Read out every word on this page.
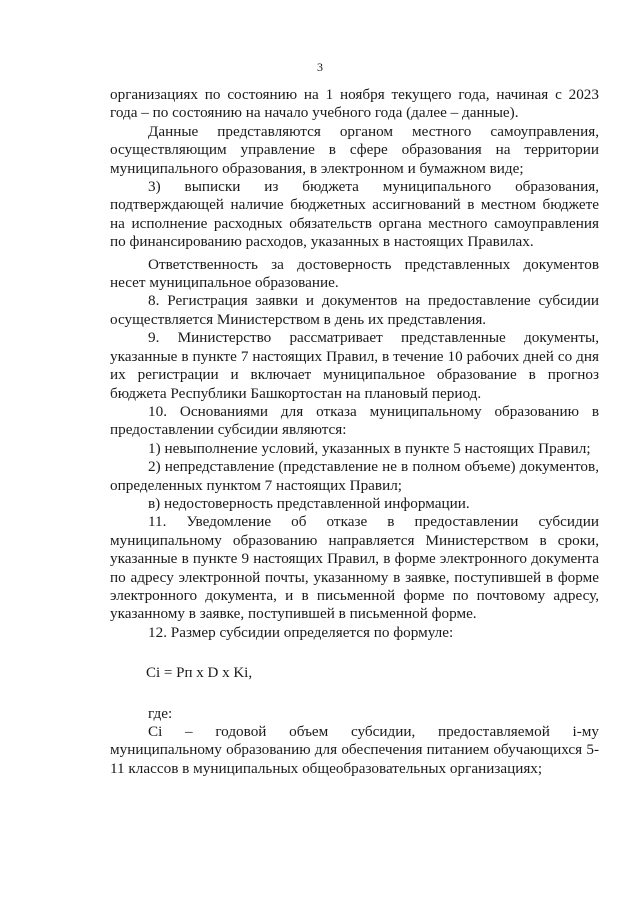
3

организациях по состоянию на 1 ноября текущего года, начиная с 2023 года – по состоянию на начало учебного года (далее – данные).

Данные представляются органом местного самоуправления, осуществляющим управление в сфере образования на территории муниципального образования, в электронном и бумажном виде;

3) выписки из бюджета муниципального образования, подтверждающей наличие бюджетных ассигнований в местном бюджете на исполнение расходных обязательств органа местного самоуправления по финансированию расходов, указанных в настоящих Правилах.

Ответственность за достоверность представленных документов несет муниципальное образование.

8. Регистрация заявки и документов на предоставление субсидии осуществляется Министерством в день их представления.

9. Министерство рассматривает представленные документы, указанные в пункте 7 настоящих Правил, в течение 10 рабочих дней со дня их регистрации и включает муниципальное образование в прогноз бюджета Республики Башкортостан на плановый период.

10. Основаниями для отказа муниципальному образованию в предоставлении субсидии являются:

1) невыполнение условий, указанных в пункте 5 настоящих Правил;

2) непредставление (представление не в полном объеме) документов, определенных пунктом 7 настоящих Правил;

в) недостоверность представленной информации.

11. Уведомление об отказе в предоставлении субсидии муниципальному образованию направляется Министерством в сроки, указанные в пункте 9 настоящих Правил, в форме электронного документа по адресу электронной почты, указанному в заявке, поступившей в форме электронного документа, и в письменной форме по почтовому адресу, указанному в заявке, поступившей в письменной форме.

12. Размер субсидии определяется по формуле:

Ci = Pп x D x Ki,

где:

Ci – годовой объем субсидии, предоставляемой i-му муниципальному образованию для обеспечения питанием обучающихся 5-11 классов в муниципальных общеобразовательных организациях;
